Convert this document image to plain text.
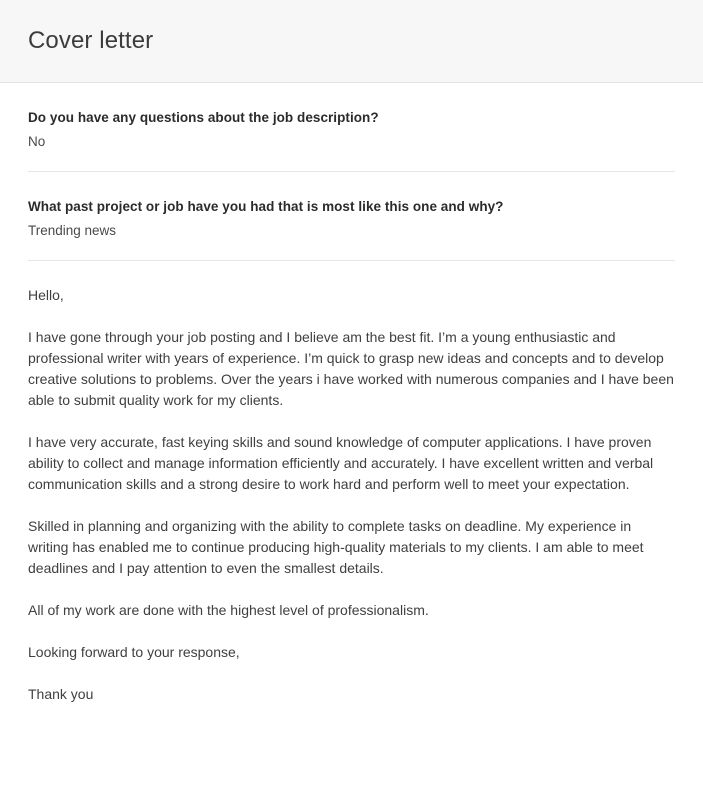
Cover letter
Do you have any questions about the job description?
No
What past project or job have you had that is most like this one and why?
Trending news

Hello,

I have gone through your job posting and I believe am the best fit. I’m a young enthusiastic and professional writer with years of experience. I’m quick to grasp new ideas and concepts and to develop creative solutions to problems. Over the years i have worked with numerous companies and I have been able to submit quality work for my clients.

I have very accurate, fast keying skills and sound knowledge of computer applications. I have proven ability to collect and manage information efficiently and accurately. I have excellent written and verbal communication skills and a strong desire to work hard and perform well to meet your expectation.

Skilled in planning and organizing with the ability to complete tasks on deadline. My experience in writing has enabled me to continue producing high-quality materials to my clients. I am able to meet deadlines and I pay attention to even the smallest details.

All of my work are done with the highest level of professionalism.

Looking forward to your response,

Thank you
